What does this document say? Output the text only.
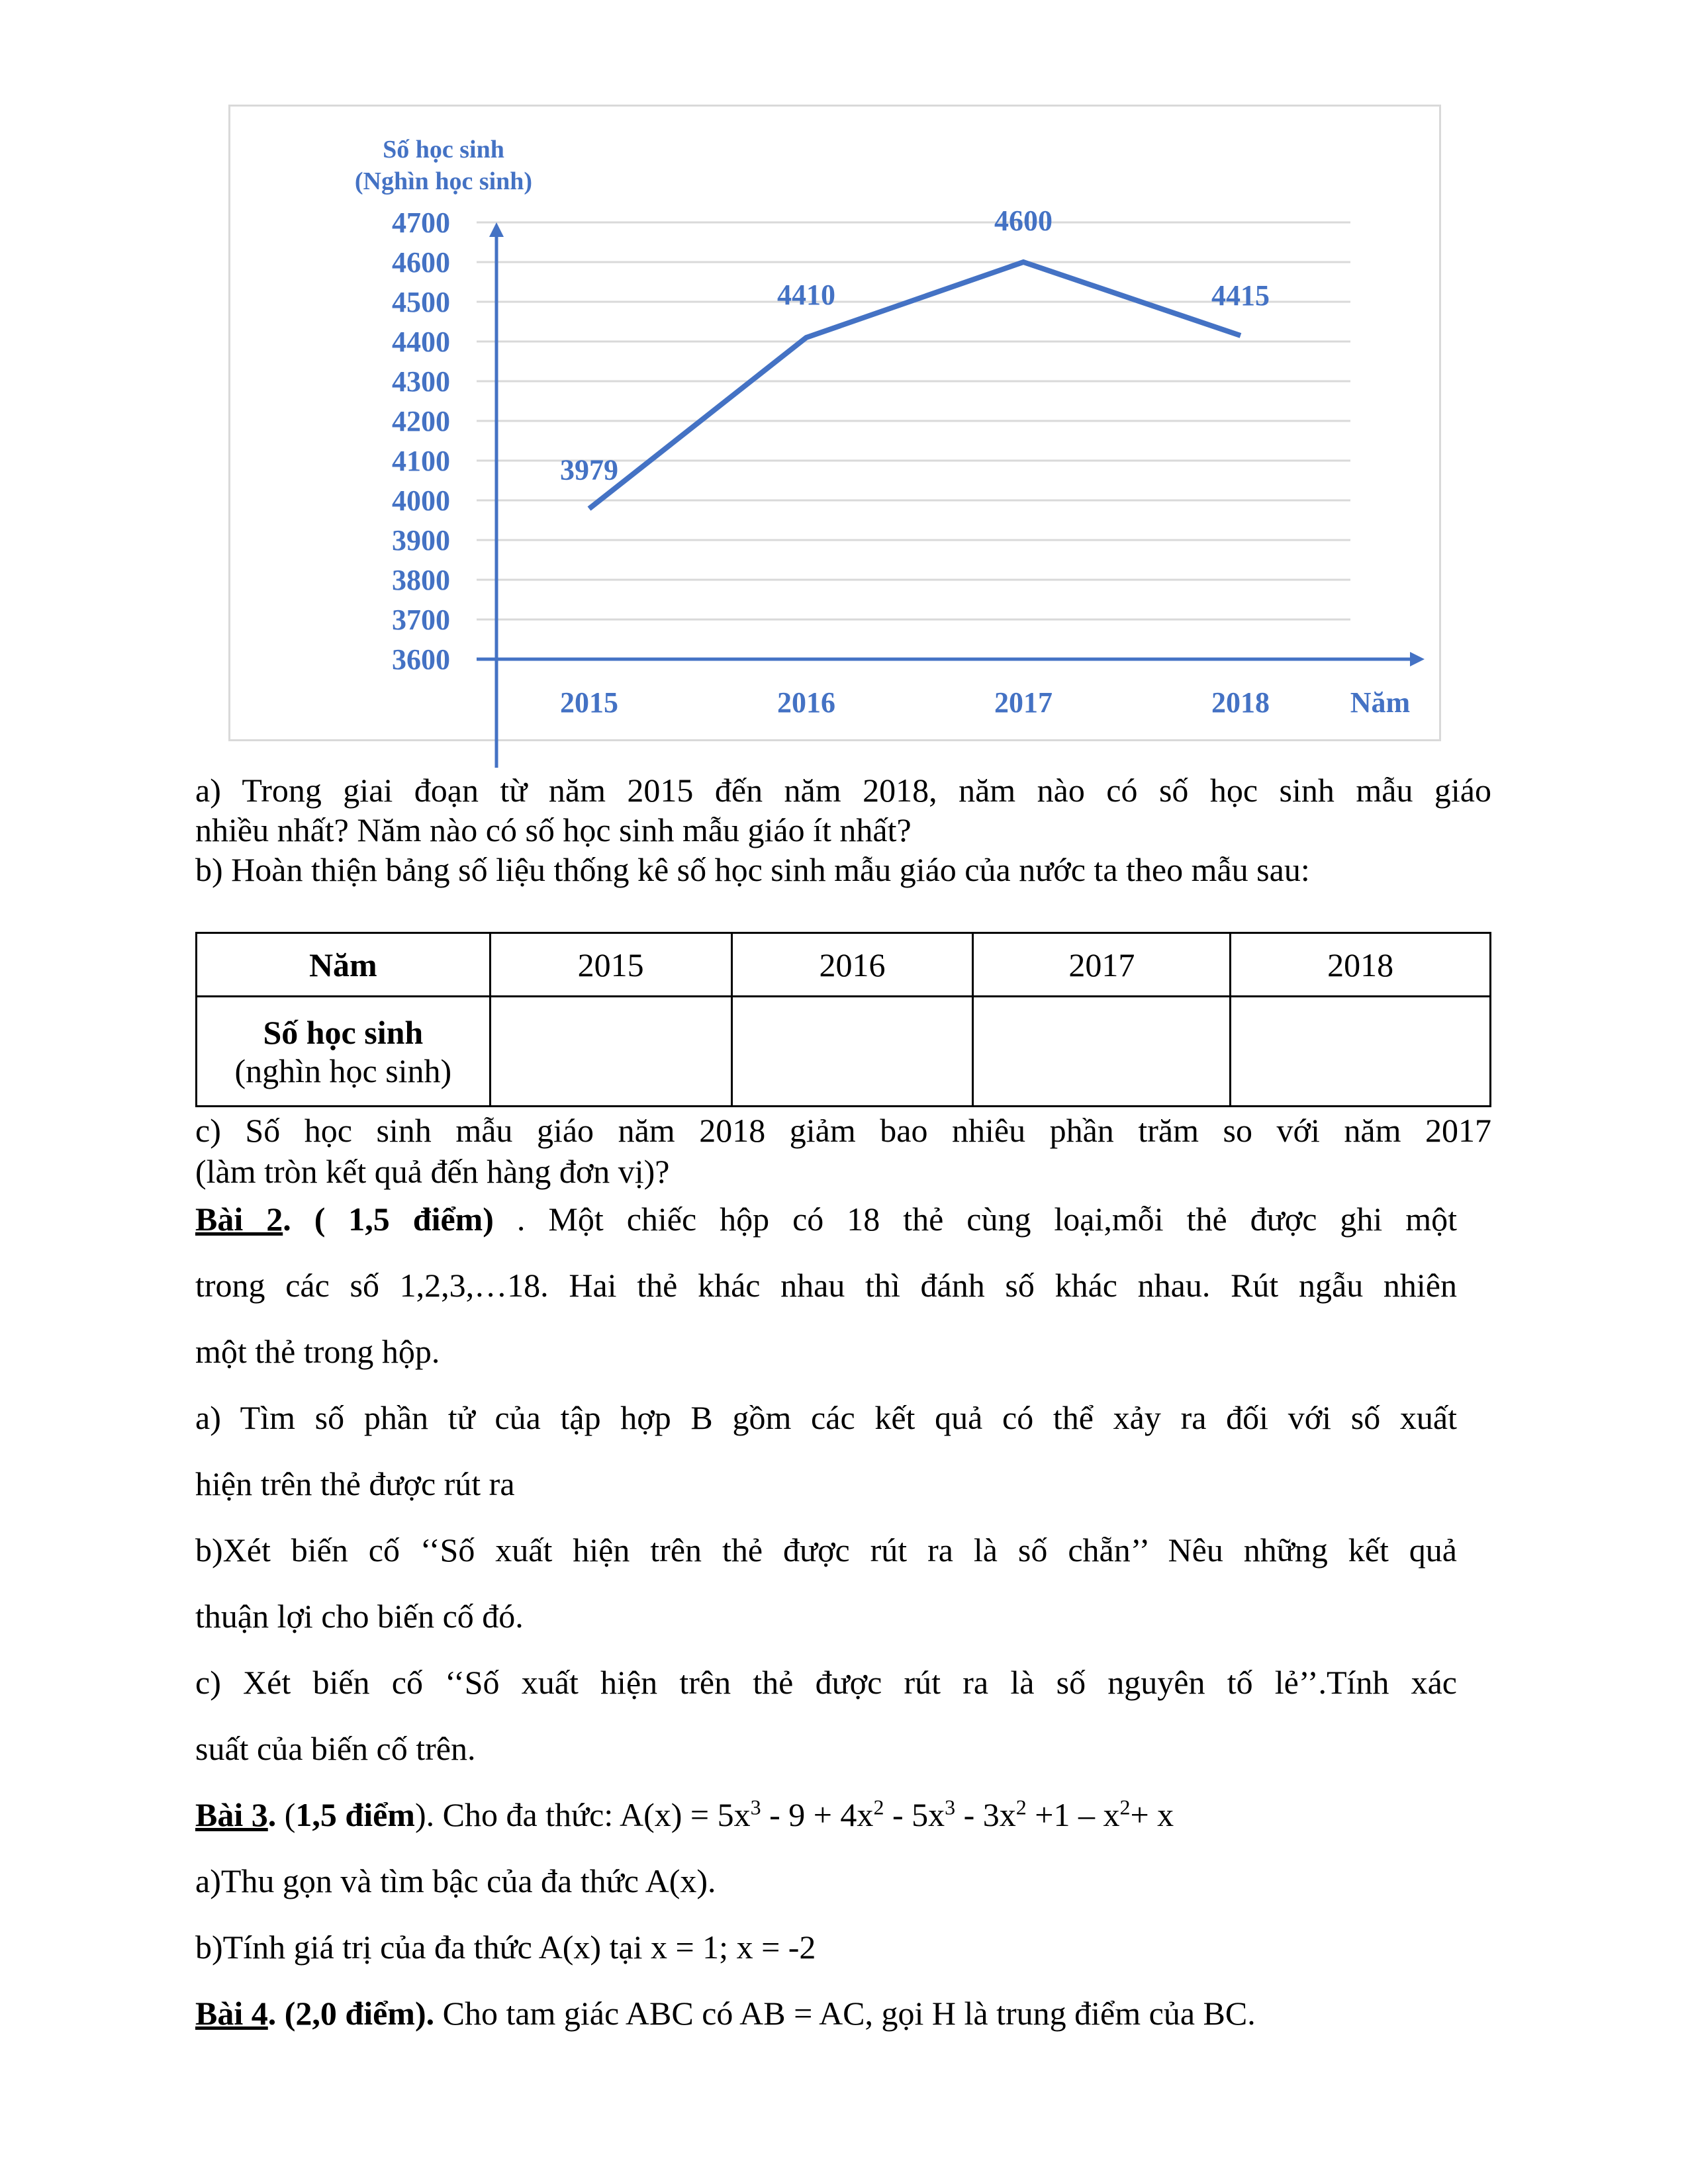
Số học sinh
(Nghìn học sinh)
4700
4600
4500
4400
4300
4200
4100
4000
3900
3800
3700
3600
2015	2016	2017	2018	Năm
3979
4410
4600
4415
a) Trong giai đoạn từ năm 2015 đến năm 2018, năm nào có số học sinh mẫu giáo
nhiều nhất? Năm nào có số học sinh mẫu giáo ít nhất?
b) Hoàn thiện bảng số liệu thống kê số học sinh mẫu giáo của nước ta theo mẫu sau:
Năm	2015	2016	2017	2018

Số học sinh
(nghìn học sinh)				

c) Số học sinh mẫu giáo năm 2018 giảm bao nhiêu phần trăm so với năm 2017
(làm tròn kết quả đến hàng đơn vị)?
Bài 2. ( 1,5 điểm) . Một chiếc hộp có 18 thẻ cùng loại,mỗi thẻ được ghi một
trong các số 1,2,3,…18. Hai thẻ khác nhau thì đánh số khác nhau. Rút ngẫu nhiên
một thẻ trong hộp.
a) Tìm số phần tử của tập hợp B gồm các kết quả có thể xảy ra đối với số xuất
hiện trên thẻ được rút ra
b)Xét biến cố ‘‘Số xuất hiện trên thẻ được rút ra là số chẵn’’ Nêu những kết quả
thuận lợi cho biến cố đó.
c) Xét biến cố ‘‘Số xuất hiện trên thẻ được rút ra là số nguyên tố lẻ’’.Tính xác
suất của biến cố trên.
Bài 3. (1,5 điểm). Cho đa thức: $A(x) = 5x^3 - 9 + 4x^2 - 5x^3 - 3x^2 +1 - x^2+ x$
a)Thu gọn và tìm bậc của đa thức A(x).
b)Tính giá trị của đa thức A(x) tại x = 1; x = -2
Bài 4. (2,0 điểm). Cho tam giác ABC có AB = AC, gọi H là trung điểm của BC.
